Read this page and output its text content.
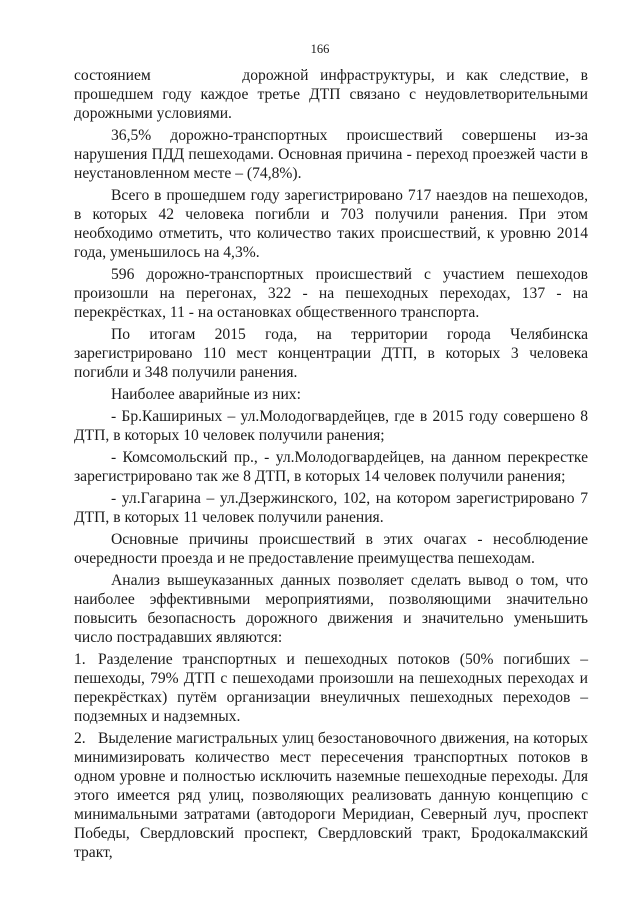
166
состоянием	дорожной инфраструктуры, и как следствие, в

прошедшем году каждое третье ДТП связано с неудовлетворительными дорожными условиями.

36,5% дорожно-транспортных происшествий совершены из-за нарушения ПДД пешеходами. Основная причина - переход проезжей части в неустановленном месте – (74,8%).

Всего в прошедшем году зарегистрировано 717 наездов на пешеходов, в которых 42 человека погибли и 703 получили ранения. При этом необходимо отметить, что количество таких происшествий, к уровню 2014 года, уменьшилось на 4,3%.

596 дорожно-транспортных происшествий с участием пешеходов произошли на перегонах, 322 - на пешеходных переходах, 137 - на перекрёстках, 11 - на остановках общественного транспорта.

По итогам 2015 года, на территории города Челябинска зарегистрировано 110 мест концентрации ДТП, в которых 3 человека погибли и 348 получили ранения.

Наиболее аварийные из них:

- Бр.Кашириных – ул.Молодогвардейцев, где в 2015 году совершено 8 ДТП, в которых 10 человек получили ранения;

- Комсомольский пр., - ул.Молодогвардейцев, на данном перекрестке зарегистрировано так же 8 ДТП, в которых 14 человек получили ранения;

- ул.Гагарина – ул.Дзержинского, 102, на котором зарегистрировано 7 ДТП, в которых 11 человек получили ранения.

Основные причины происшествий в этих очагах - несоблюдение очередности проезда и не предоставление преимущества пешеходам.

Анализ вышеуказанных данных позволяет сделать вывод о том, что наиболее эффективными мероприятиями, позволяющими значительно повысить безопасность дорожного движения и значительно уменьшить число пострадавших являются:

1. Разделение транспортных и пешеходных потоков (50% погибших – пешеходы, 79% ДТП с пешеходами произошли на пешеходных переходах и перекрёстках) путём организации внеуличных пешеходных переходов – подземных и надземных.

2. Выделение магистральных улиц безостановочного движения, на которых минимизировать количество мест пересечения транспортных потоков в одном уровне и полностью исключить наземные пешеходные переходы. Для этого имеется ряд улиц, позволяющих реализовать данную концепцию с минимальными затратами (автодороги Меридиан, Северный луч, проспект Победы, Свердловский проспект, Свердловский тракт, Бродокалмакский тракт,
